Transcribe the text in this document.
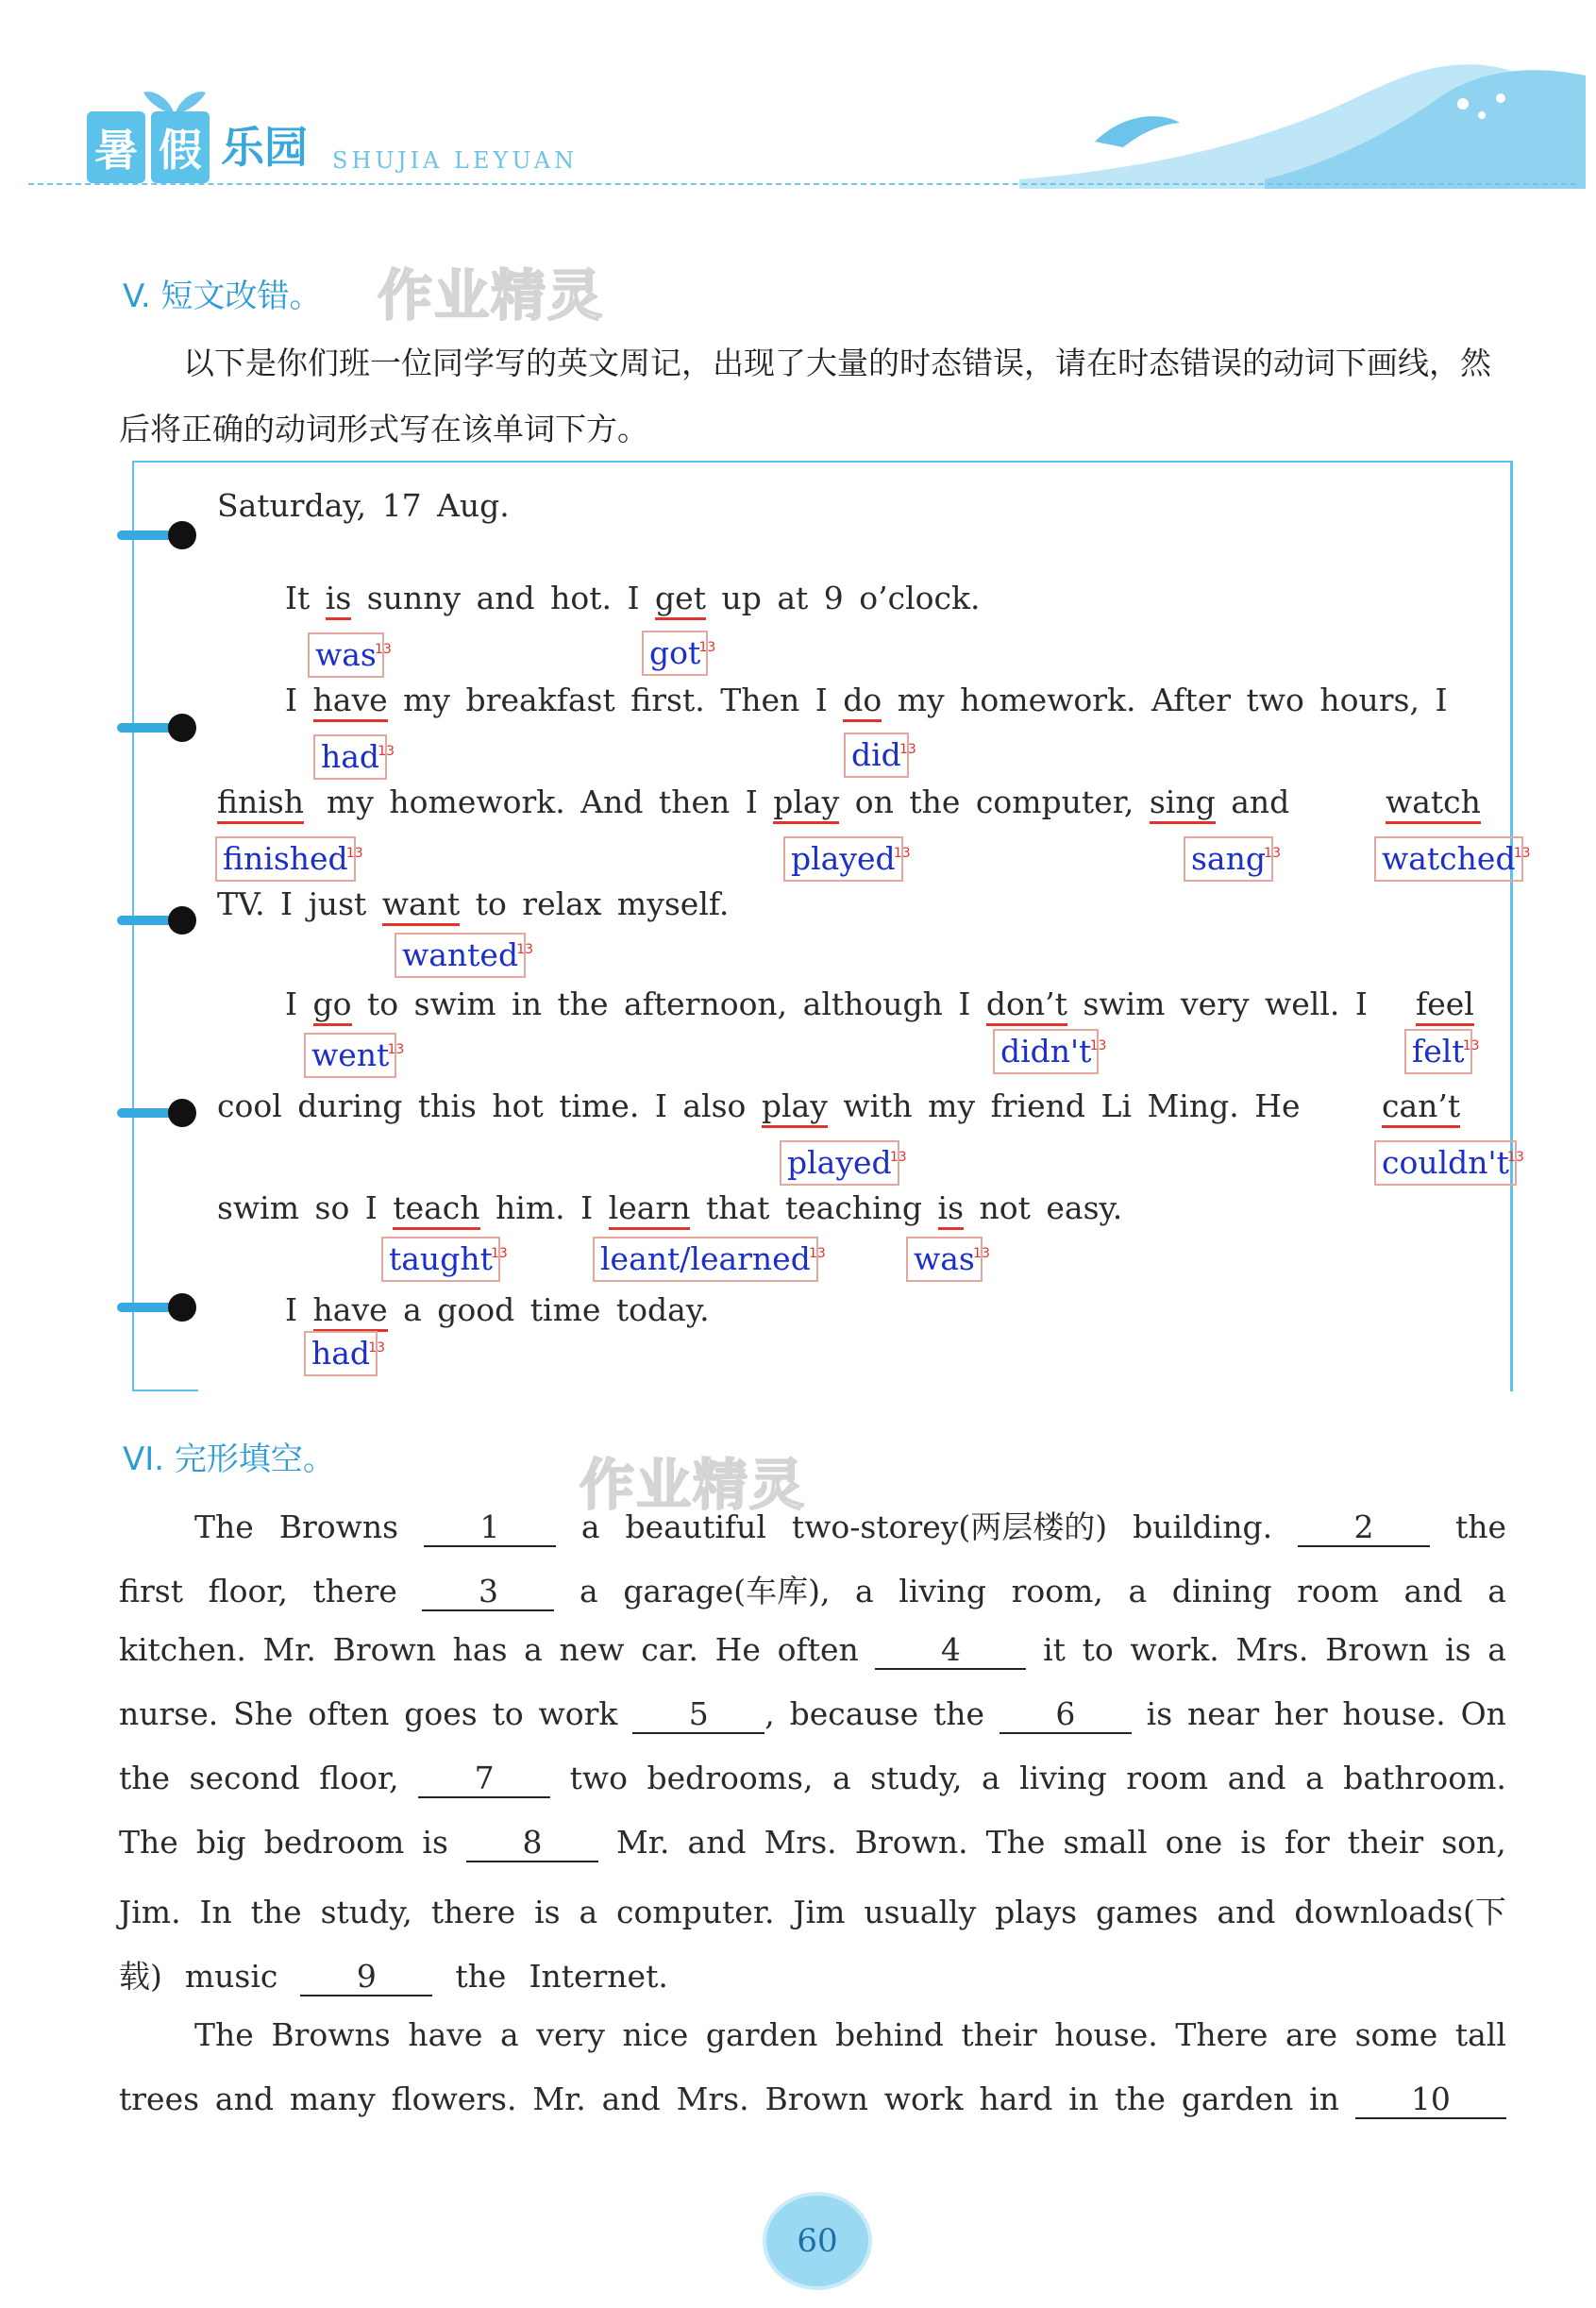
暑 假 乐园 SHUJIA LEYUAN
V. 短文改错。 作业精灵
以下是你们班一位同学写的英文周记，出现了大量的时态错误，请在时态错误的动词下画线，然后将正确的动词形式写在该单词下方。
Saturday, 17 Aug.
It is sunny and hot. I get up at 9 o’clock.
was
13	got
13
I have my breakfast first. Then I do my homework. After two hours, I
had
13	did
13
finish my homework. And then I play on the computer, sing and	watch
finished
13	played
13	sang
13	watched
13
TV. I just want to relax myself.
wanted
13
I go to swim in the afternoon, although I don’t swim very well. I feel
went
13	didn't
13	felt
13
cool during this hot time. I also play with my friend Li Ming. He	can’t
played
13	couldn't
13
swim so I teach him. I learn that teaching is not easy.
taught
13	leant/learned
13	was
13
I have a good time today.
had
13
VI. 完形填空。	作业精灵
The Browns	1	a beautiful two-storey(两层楼的) building.	2	the
first floor, there	3	a garage(车库), a living room, a dining room and a
kitchen. Mr. Brown has a new car. He often	4	it to work. Mrs. Brown is a
nurse. She often goes to work	5 , because the	6	is near her house. On
the second floor,	7	two bedrooms, a study, a living room and a bathroom.
The big bedroom is	8	Mr. and Mrs. Brown. The small one is for their son,
Jim. In the study, there is a computer. Jim usually plays games and downloads(下
载) music	9	the Internet.
The Browns have a very nice garden behind their house. There are some tall
trees and many flowers. Mr. and Mrs. Brown work hard in the garden in	10
60
